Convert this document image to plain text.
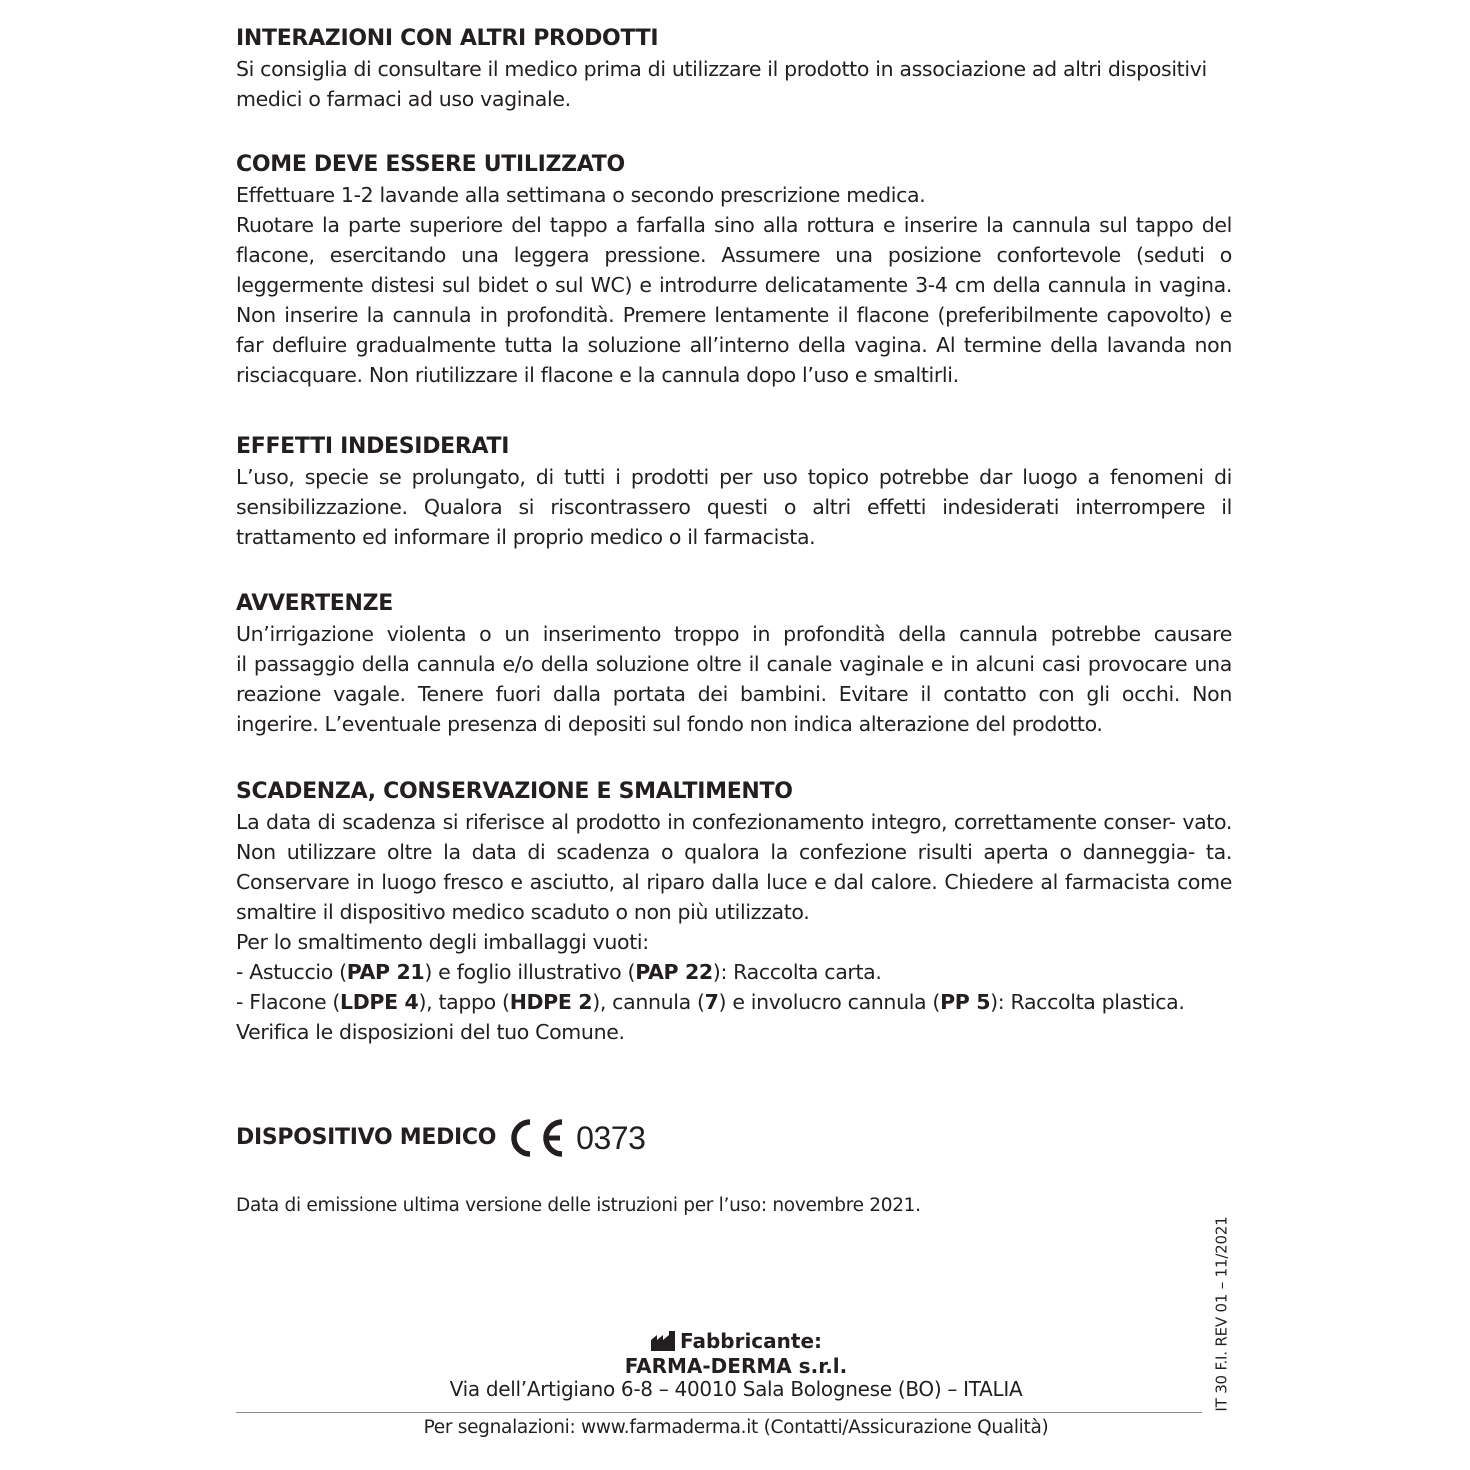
INTERAZIONI CON ALTRI PRODOTTI

Si consiglia di consultare il medico prima di utilizzare il prodotto in associazione ad altri dispositivi medici o farmaci ad uso vaginale.

COME DEVE ESSERE UTILIZZATO

Effettuare 1-2 lavande alla settimana o secondo prescrizione medica.

Ruotare la parte superiore del tappo a farfalla sino alla rottura e inserire la cannula sul tappo del flacone, esercitando una leggera pressione. Assumere una posizione confortevole (seduti o leggermente distesi sul bidet o sul WC) e introdurre delicatamente 3-4 cm della cannula in vagina. Non inserire la cannula in profondità. Premere lentamente il flacone (preferibilmente capovolto) e far defluire gradualmente tutta la soluzione all’interno della vagina. Al termine della lavanda non risciacquare. Non riutilizzare il flacone e la cannula dopo l’uso e smaltirli.

EFFETTI INDESIDERATI

L’uso, specie se prolungato, di tutti i prodotti per uso topico potrebbe dar luogo a fenomeni di sensibilizzazione. Qualora si riscontrassero questi o altri effetti indesiderati interrompere il trattamento ed informare il proprio medico o il farmacista.

AVVERTENZE

Un’irrigazione violenta o un inserimento troppo in profondità della cannula potrebbe causare

il passaggio della cannula e/o della soluzione oltre il canale vaginale e in alcuni casi provocare una reazione vagale. Tenere fuori dalla portata dei bambini. Evitare il contatto con gli occhi. Non ingerire. L’eventuale presenza di depositi sul fondo non indica alterazione del prodotto.

SCADENZA, CONSERVAZIONE E SMALTIMENTO

La data di scadenza si riferisce al prodotto in confezionamento integro, correttamente conser- vato. Non utilizzare oltre la data di scadenza o qualora la confezione risulti aperta o danneggia- ta. Conservare in luogo fresco e asciutto, al riparo dalla luce e dal calore. Chiedere al farmacista come smaltire il dispositivo medico scaduto o non più utilizzato.

Per lo smaltimento degli imballaggi vuoti:

- Astuccio (PAP 21) e foglio illustrativo (PAP 22): Raccolta carta.

- Flacone (LDPE 4), tappo (HDPE 2), cannula (7) e involucro cannula (PP 5): Raccolta plastica.

Verifica le disposizioni del tuo Comune.

DISPOSITIVO MEDICO	0373
Data di emissione ultima versione delle istruzioni per l’uso: novembre 2021.
IT 30 F.I. REV 01 – 11/2021
Fabbricante:
FARMA-DERMA s.r.l.
Via dell’Artigiano 6-8 – 40010 Sala Bolognese (BO) – ITALIA
Per segnalazioni: www.farmaderma.it (Contatti/Assicurazione Qualità)
